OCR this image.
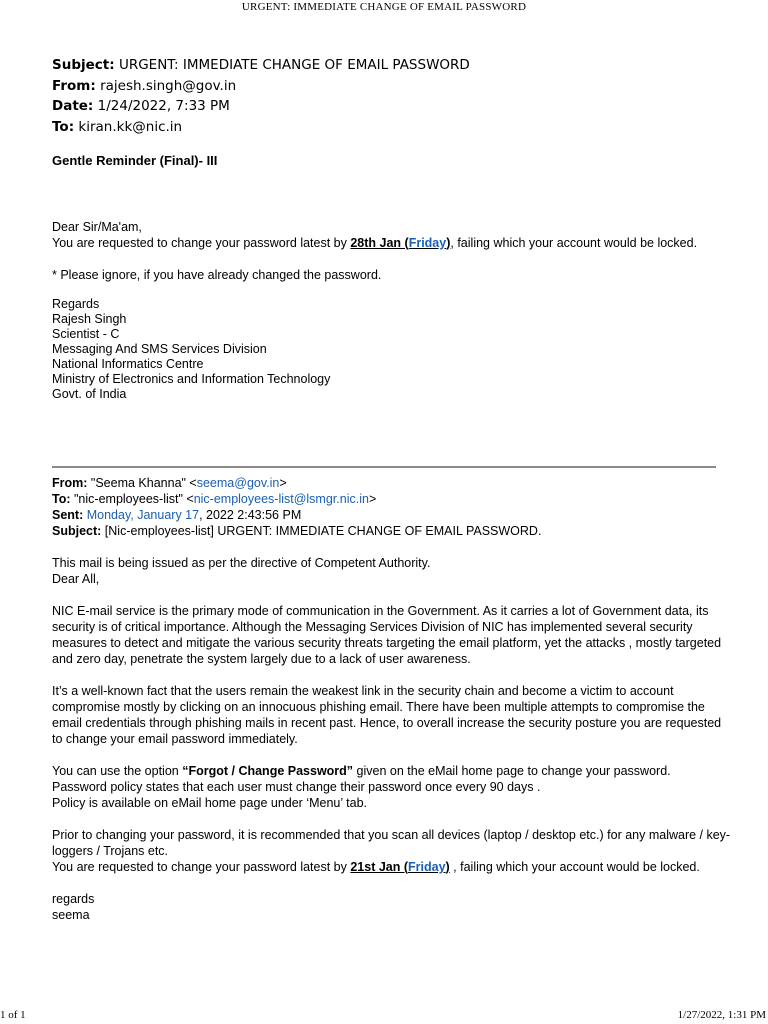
URGENT: IMMEDIATE CHANGE OF EMAIL PASSWORD
Subject: URGENT: IMMEDIATE CHANGE OF EMAIL PASSWORD
From: rajesh.singh@gov.in
Date: 1/24/2022, 7:33 PM
To: kiran.kk@nic.in
Gentle Reminder (Final)- III

Dear Sir/Ma'am,

You are requested to change your password latest by 28th Jan (Friday), failing which your account would be locked.

* Please ignore, if you have already changed the password.

Regards

Rajesh Singh

Scientist - C

Messaging And SMS Services Division

National Informatics Centre

Ministry of Electronics and Information Technology

Govt. of India

From: "Seema Khanna" <seema@gov.in>

To: "nic-employees-list" <nic-employees-list@lsmgr.nic.in>

Sent: Monday, January 17, 2022 2:43:56 PM

Subject: [Nic-employees-list] URGENT: IMMEDIATE CHANGE OF EMAIL PASSWORD.

This mail is being issued as per the directive of Competent Authority.

Dear All,

NIC E-mail service is the primary mode of communication in the Government. As it carries a lot of Government data, its security is of critical importance. Although the Messaging Services Division of NIC has implemented several security measures to detect and mitigate the various security threats targeting the email platform, yet the attacks , mostly targeted and zero day, penetrate the system largely due to a lack of user awareness.

It’s a well-known fact that the users remain the weakest link in the security chain and become a victim to account compromise mostly by clicking on an innocuous phishing email. There have been multiple attempts to compromise the email credentials through phishing mails in recent past. Hence, to overall increase the security posture you are requested to change your email password immediately.

You can use the option “Forgot / Change Password” given on the eMail home page to change your password.

Password policy states that each user must change their password once every 90 days .

Policy is available on eMail home page under ‘Menu’ tab.

Prior to changing your password, it is recommended that you scan all devices (laptop / desktop etc.) for any malware / key-loggers / Trojans etc.

You are requested to change your password latest by 21st Jan (Friday) , failing which your account would be locked.

regards

seema

1 of 1	1/27/2022, 1:31 PM
